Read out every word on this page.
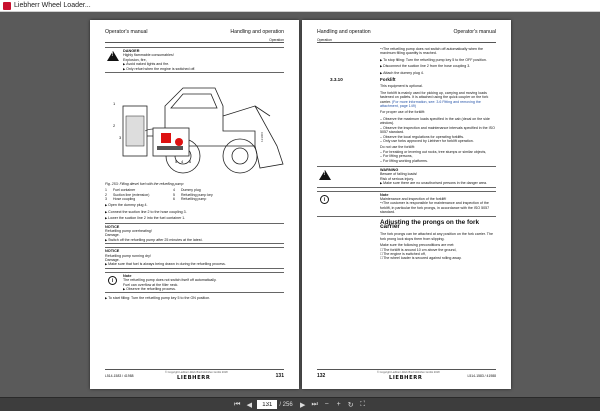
Liebherr Wheel Loader...
Operator's manual	Handling and operation
Operation
!
DANGER
Highly flammable consumables!
Explosion, fire,
▶ Avoid naked lights and fire.
▶ Only refuel when the engine is switched off.
123006
1
2
3
4
5	6
Fig. 253: Filling diesel fuel with the refuelling pump
1	Fuel container	4	Dummy plug
2	Suction line (extension)	5	Refuelling pump key
3	Hose coupling	6	Refuelling pump

▶ Open the dummy plug 4.

▶ Connect the suction line 2 to the hose coupling 3.

▶ Lower the suction line 2 into the fuel container 1.

NOTICE
Refuelling pump overheating!
Damage.
▶ Switch off the refuelling pump after 25 minutes at the latest.
NOTICE
Refuelling pump running dry!
Damage.
▶ Make sure that fuel is always being drawn in during the refuelling process.
i
Note
The refuelling pump does not switch itself off automatically.
Fuel can overflow at the filler neck.
▶ Observe the refuelling process.

▶ To start filling: Turn the refuelling pump key 5 to the ON position.

L514-1583 / 41988
© Copyright Liebherr-Werk Bischofshofen GmbH 2018
LIEBHERR	131
Handling and operation	Operator's manual
Operation

↪ The refuelling pump does not switch off automatically when the maximum filling quantity is reached.

▶ To stop filling: Turn the refuelling pump key 5 to the OFF position.

▶ Disconnect the suction line 2 from the hose coupling 3.

▶ Attach the dummy plug 4.

3.3.10	Forklift

This equipment is optional.

The forklift is mainly used for picking up, carrying and moving loads fastened on pallets. It is attached using the quick coupler on the fork carrier. (For more information, see: 3.6 Fitting and removing the attachment, page 149)

For proper use of the forklift:

– Observe the maximum loads specified in the cab (decal on the side window).
– Observe the inspection and maintenance intervals specified in the ISO 5057 standard.
– Observe the local regulations for operating forklifts.
– Only use forks approved by Liebherr for forklift operation.

Do not use the forklift:

– For breaking or levering out rocks, tree stumps or similar objects,
– For lifting persons,
– For lifting working platforms.
!
WARNING
Beware of falling loads!
Risk of serious injury.
▶ Make sure there are no unauthorised persons in the danger area.
i
Note
Maintenance and inspection of the forklift!
↪ The customer is responsible for maintenance and inspection of the forklift, in particular the fork prongs, in accordance with the ISO 5057 standard.
Adjusting the prongs on the fork carrier

The fork prongs can be attached at any position on the fork carrier. The fork prong lock stops them from slipping.

Make sure the following preconditions are met:

☐ The forklift is around 10 cm above the ground,
☐ The engine is switched off,
☐ The wheel loader is secured against rolling away.
132
© Copyright Liebherr-Werk Bischofshofen GmbH 2018
LIEBHERR	L514-1583 / 41988
⏮ ◀
131	/ 256	▶ ⏭ −	+	↻ ⛶
